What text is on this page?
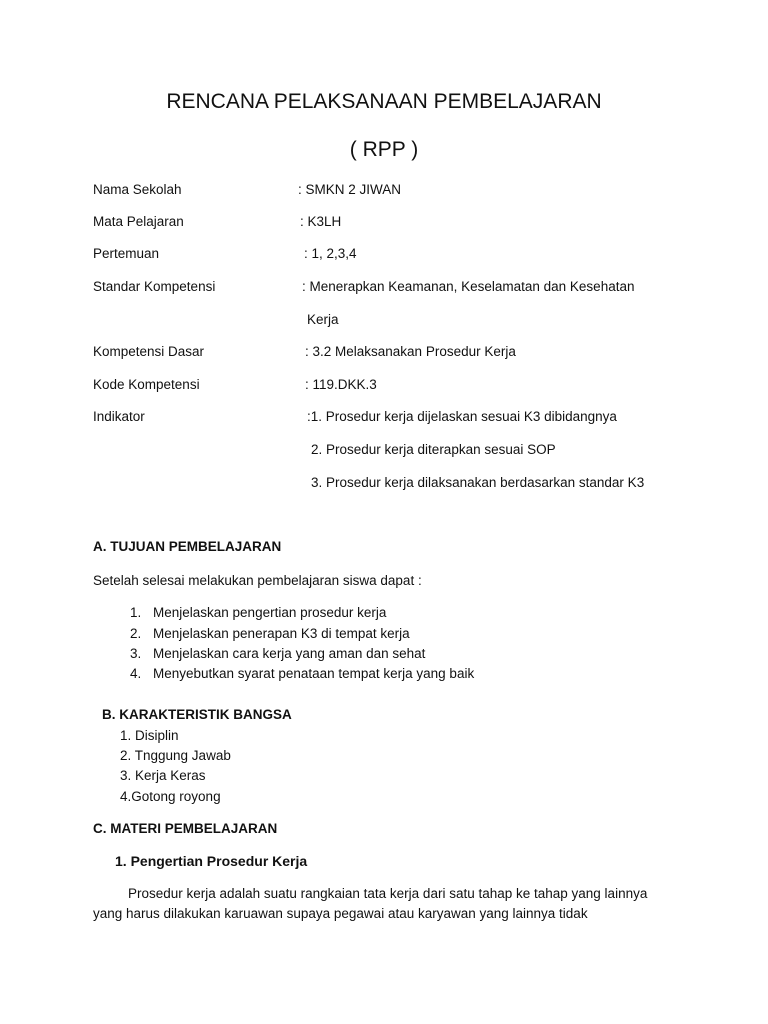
RENCANA PELAKSANAAN PEMBELAJARAN
( RPP )
Nama Sekolah	: SMKN 2 JIWAN
Mata Pelajaran	: K3LH
Pertemuan	: 1, 2,3,4
Standar Kompetensi	: Menerapkan Keamanan, Keselamatan dan Kesehatan
Kerja
Kompetensi Dasar	: 3.2 Melaksanakan Prosedur Kerja
Kode Kompetensi	: 119.DKK.3
Indikator	:1. Prosedur kerja dijelaskan sesuai K3 dibidangnya
2. Prosedur kerja diterapkan sesuai SOP
3. Prosedur kerja dilaksanakan berdasarkan standar K3
A. TUJUAN PEMBELAJARAN
Setelah selesai melakukan pembelajaran siswa dapat :
1. Menjelaskan pengertian prosedur kerja
2. Menjelaskan penerapan K3 di tempat kerja
3. Menjelaskan cara kerja yang aman dan sehat
4. Menyebutkan syarat penataan tempat kerja yang baik
B. KARAKTERISTIK BANGSA
1. Disiplin
2. Tnggung Jawab
3. Kerja Keras
4.Gotong royong
C. MATERI PEMBELAJARAN
1. Pengertian Prosedur Kerja
Prosedur kerja adalah suatu rangkaian tata kerja dari satu tahap ke tahap yang lainnya
yang harus dilakukan karuawan supaya pegawai atau karyawan yang lainnya tidak
